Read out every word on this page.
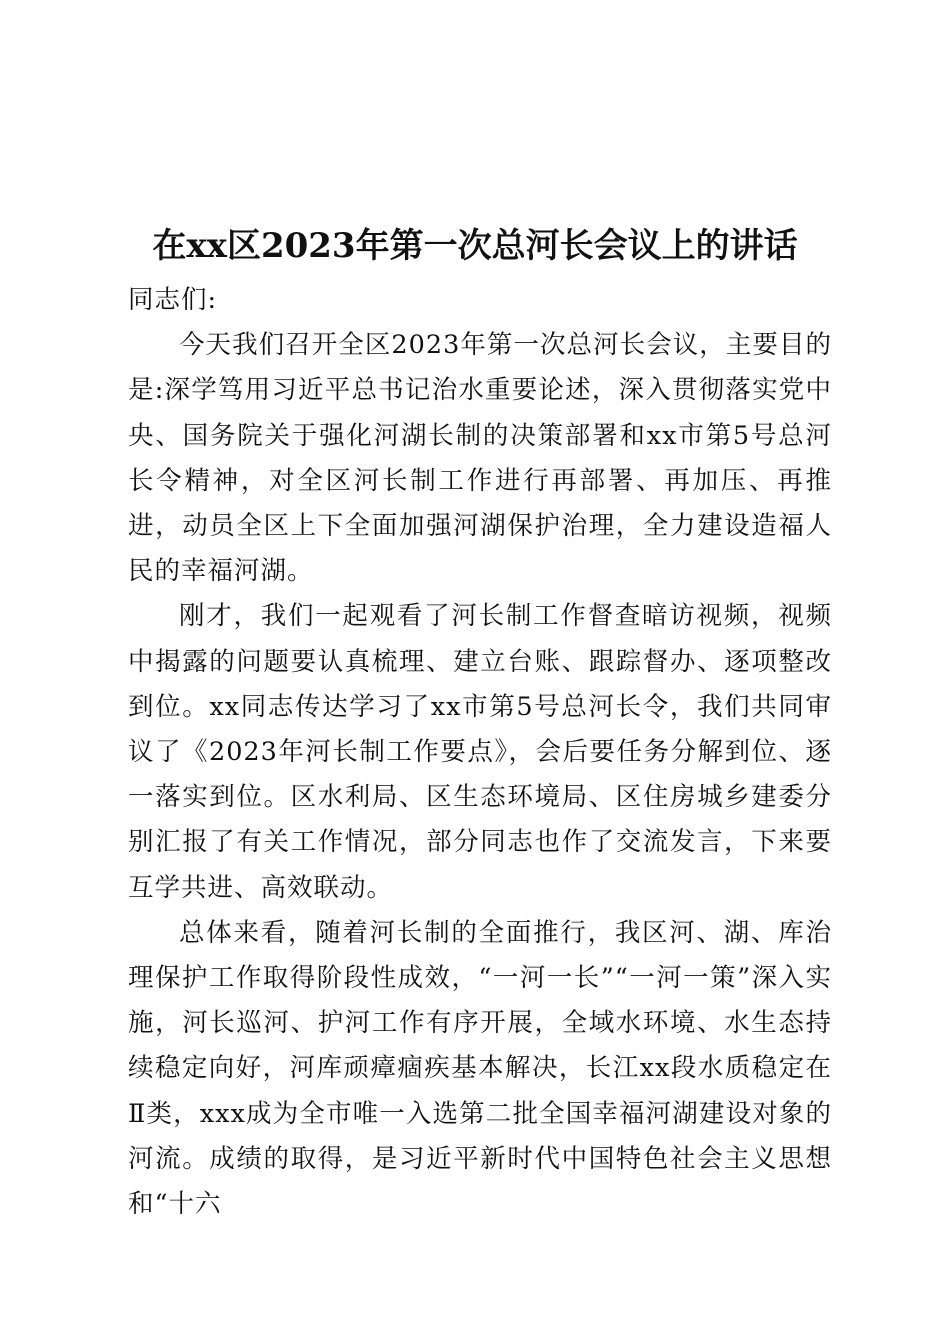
在xx区2023年第一次总河长会议上的讲话

同志们:

今天我们召开全区2023年第一次总河长会议，主要目的是:深学笃用习近平总书记治水重要论述，深入贯彻落实党中央、国务院关于强化河湖长制的决策部署和xx市第5号总河长令精神，对全区河长制工作进行再部署、再加压、再推进，动员全区上下全面加强河湖保护治理，全力建设造福人民的幸福河湖。

刚才，我们一起观看了河长制工作督查暗访视频，视频中揭露的问题要认真梳理、建立台账、跟踪督办、逐项整改到位。xx同志传达学习了xx市第5号总河长令，我们共同审议了《2023年河长制工作要点》，会后要任务分解到位、逐一落实到位。区水利局、区生态环境局、区住房城乡建委分别汇报了有关工作情况，部分同志也作了交流发言，下来要互学共进、高效联动。

总体来看，随着河长制的全面推行，我区河、湖、库治理保护工作取得阶段性成效，“一河一长”“一河一策”深入实施，河长巡河、护河工作有序开展，全域水环境、水生态持续稳定向好，河库顽瘴痼疾基本解决，长江xx段水质稳定在Ⅱ类，xxx成为全市唯一入选第二批全国幸福河湖建设对象的河流。成绩的取得，是习近平新时代中国特色社会主义思想和“十六
